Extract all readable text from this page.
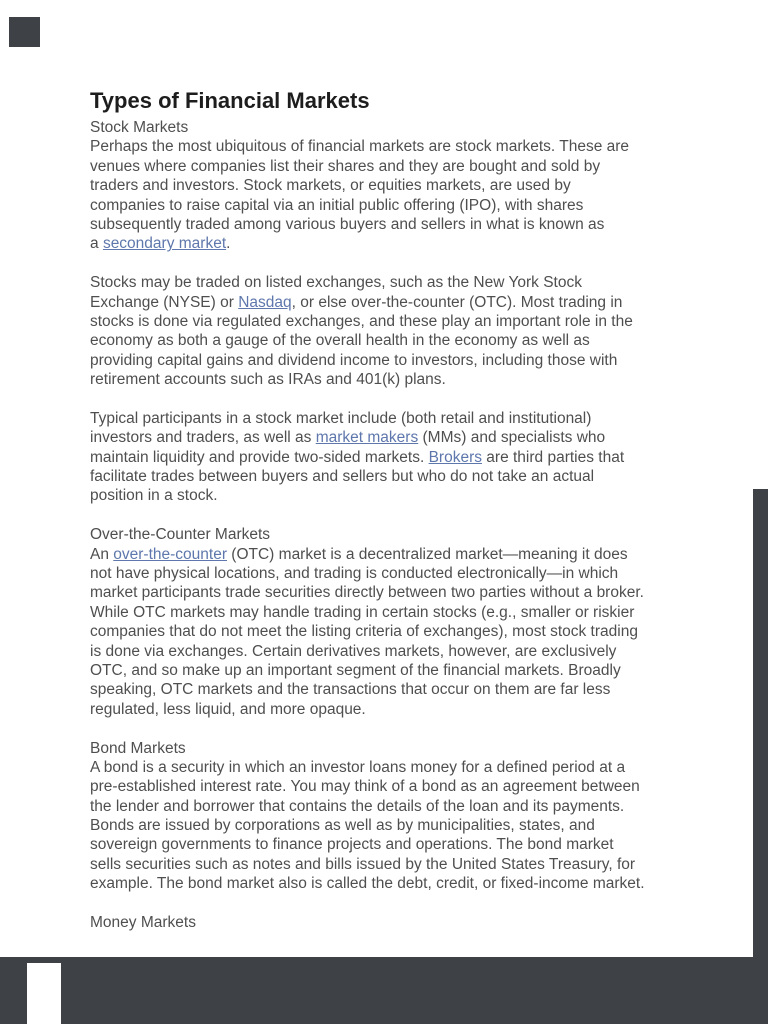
Types of Financial Markets
Stock Markets
Perhaps the most ubiquitous of financial markets are stock markets. These are
venues where companies list their shares and they are bought and sold by
traders and investors. Stock markets, or equities markets, are used by
companies to raise capital via an initial public offering (IPO), with shares
subsequently traded among various buyers and sellers in what is known as
a secondary market.
Stocks may be traded on listed exchanges, such as the New York Stock
Exchange (NYSE) or Nasdaq, or else over-the-counter (OTC). Most trading in
stocks is done via regulated exchanges, and these play an important role in the
economy as both a gauge of the overall health in the economy as well as
providing capital gains and dividend income to investors, including those with
retirement accounts such as IRAs and 401(k) plans.
Typical participants in a stock market include (both retail and institutional)
investors and traders, as well as market makers (MMs) and specialists who
maintain liquidity and provide two-sided markets. Brokers are third parties that
facilitate trades between buyers and sellers but who do not take an actual
position in a stock.
Over-the-Counter Markets
An over-the-counter (OTC) market is a decentralized market—meaning it does
not have physical locations, and trading is conducted electronically—in which
market participants trade securities directly between two parties without a broker.
While OTC markets may handle trading in certain stocks (e.g., smaller or riskier
companies that do not meet the listing criteria of exchanges), most stock trading
is done via exchanges. Certain derivatives markets, however, are exclusively
OTC, and so make up an important segment of the financial markets. Broadly
speaking, OTC markets and the transactions that occur on them are far less
regulated, less liquid, and more opaque.
Bond Markets
A bond is a security in which an investor loans money for a defined period at a
pre-established interest rate. You may think of a bond as an agreement between
the lender and borrower that contains the details of the loan and its payments.
Bonds are issued by corporations as well as by municipalities, states, and
sovereign governments to finance projects and operations. The bond market
sells securities such as notes and bills issued by the United States Treasury, for
example. The bond market also is called the debt, credit, or fixed-income market.
Money Markets
